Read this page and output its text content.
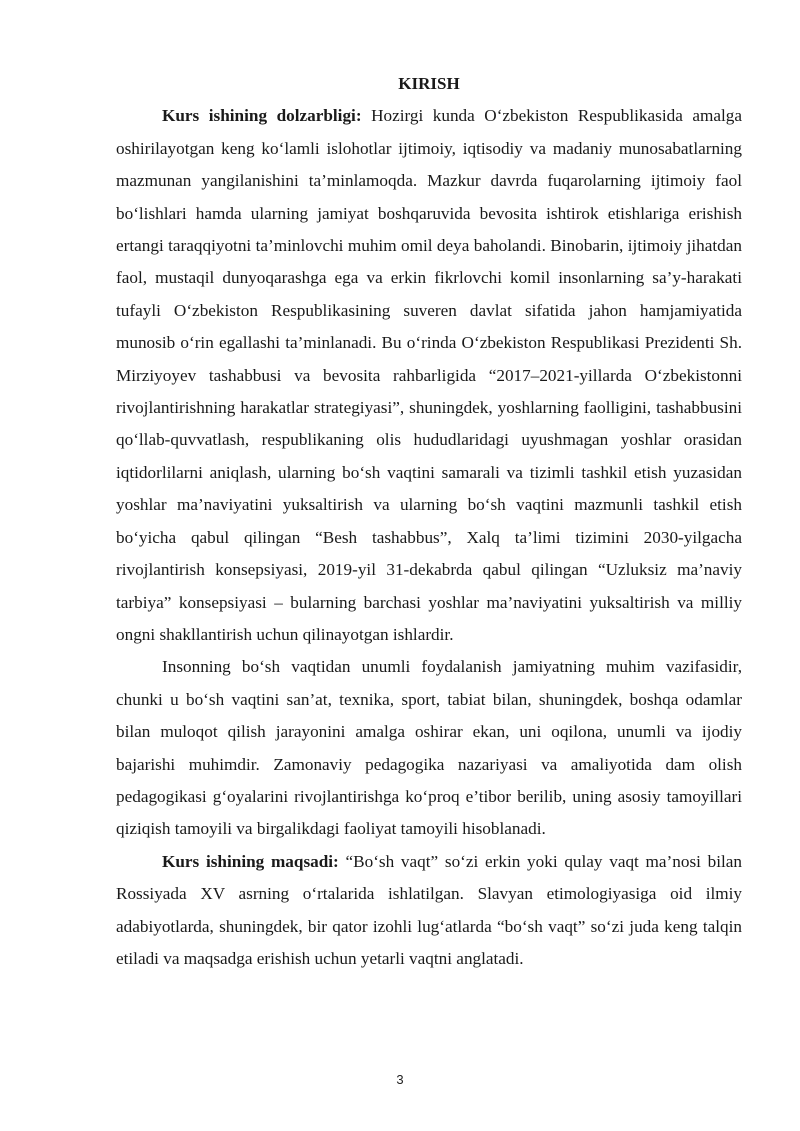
KIRISH

Kurs ishining dolzarbligi: Hozirgi kunda O‘zbekiston Respublikasida amalga oshirilayotgan keng ko‘lamli islohotlar ijtimoiy, iqtisodiy va madaniy munosabatlarning mazmunan yangilanishini ta’minlamoqda. Mazkur davrda fuqarolarning ijtimoiy faol bo‘lishlari hamda ularning jamiyat boshqaruvida bevosita ishtirok etishlariga erishish ertangi taraqqiyotni ta’minlovchi muhim omil deya baholandi. Binobarin, ijtimoiy jihatdan faol, mustaqil dunyoqarashga ega va erkin fikrlovchi komil insonlarning sa’y-harakati tufayli O‘zbekiston Respublikasining suveren davlat sifatida jahon hamjamiyatida munosib o‘rin egallashi ta’minlanadi. Bu o‘rinda O‘zbekiston Respublikasi Prezidenti Sh. Mirziyoyev tashabbusi va bevosita rahbarligida “2017–2021-yillarda O‘zbekistonni rivojlantirishning harakatlar strategiyasi”, shuningdek, yoshlarning faolligini, tashabbusini qo‘llab-quvvatlash, respublikaning olis hududlaridagi uyushmagan yoshlar orasidan iqtidorlilarni aniqlash, ularning bo‘sh vaqtini samarali va tizimli tashkil etish yuzasidan yoshlar ma’naviyatini yuksaltirish va ularning bo‘sh vaqtini mazmunli tashkil etish bo‘yicha qabul qilingan “Besh tashabbus”, Xalq ta’limi tizimini 2030-yilgacha rivojlantirish konsepsiyasi, 2019-yil 31-dekabrda qabul qilingan “Uzluksiz ma’naviy tarbiya” konsepsiyasi – bularning barchasi yoshlar ma’naviyatini yuksaltirish va milliy ongni shakllantirish uchun qilinayotgan ishlardir.

Insonning bo‘sh vaqtidan unumli foydalanish jamiyatning muhim vazifasidir, chunki u bo‘sh vaqtini san’at, texnika, sport, tabiat bilan, shuningdek, boshqa odamlar bilan muloqot qilish jarayonini amalga oshirar ekan, uni oqilona, unumli va ijodiy bajarishi muhimdir. Zamonaviy pedagogika nazariyasi va amaliyotida dam olish pedagogikasi g‘oyalarini rivojlantirishga ko‘proq e’tibor berilib, uning asosiy tamoyillari qiziqish tamoyili va birgalikdagi faoliyat tamoyili hisoblanadi.

Kurs ishining maqsadi: “Bo‘sh vaqt” so‘zi erkin yoki qulay vaqt ma’nosi bilan Rossiyada XV asrning o‘rtalarida ishlatilgan. Slavyan etimologiyasiga oid ilmiy adabiyotlarda, shuningdek, bir qator izohli lug‘atlarda “bo‘sh vaqt” so‘zi juda keng talqin etiladi va maqsadga erishish uchun yetarli vaqtni anglatadi.

3
